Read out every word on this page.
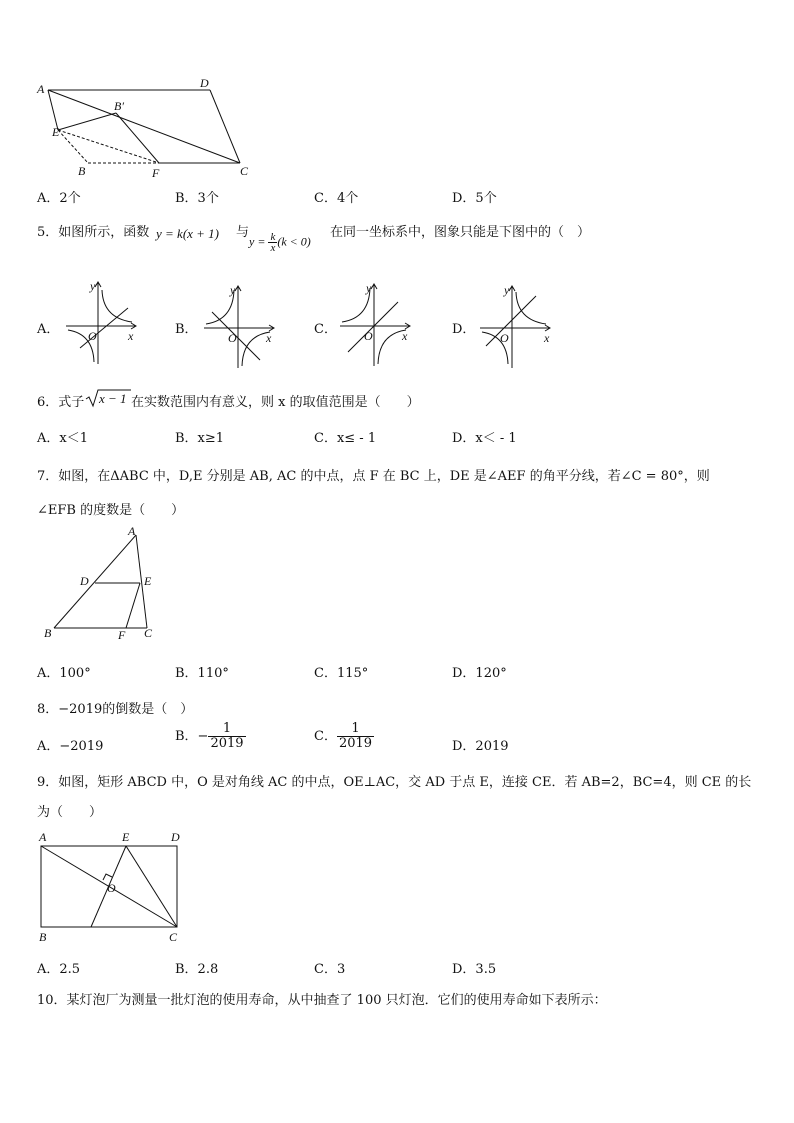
A	D
B′
E
B	F	C
A．2个	B．3个	C．4个	D．5个
5．如图所示，函数 y = k(x + 1) 与
$y = \frac{k}{x} (k < 0)$
在同一坐标系中，图象只能是下图中的（　）
A．	B．	C．	D．
y
x
O
y
x
O
y
x
O
y
x
O
6．式子 x − 1 在实数范围内有意义，则 x 的取值范围是（　　）
A．x＜1	B．x≥1	C．x≤ - 1	D．x＜ - 1
7．如图，在ΔABC 中，D,E 分别是 AB, AC 的中点，点 F 在 BC 上，DE 是∠AEF 的角平分线，若∠C = 80°，则
∠EFB 的度数是（　　）
A
D	E
B	F C
A．100°	B．110°	C．115°	D．120°
8．−2019的倒数是（　）
A．−2019
B．− $\frac{1}{2019}$	C． $\frac{1}{2019}$	D．2019
9．如图，矩形 ABCD 中，O 是对角线 AC 的中点，OE⊥AC，交 AD 于点 E，连接 CE．若 AB=2，BC=4，则 CE 的长
为（　　）
A	E	D
O
B	C
A．2.5	B．2.8	C．3	D．3.5
10．某灯泡厂为测量一批灯泡的使用寿命，从中抽查了 100 只灯泡．它们的使用寿命如下表所示：
